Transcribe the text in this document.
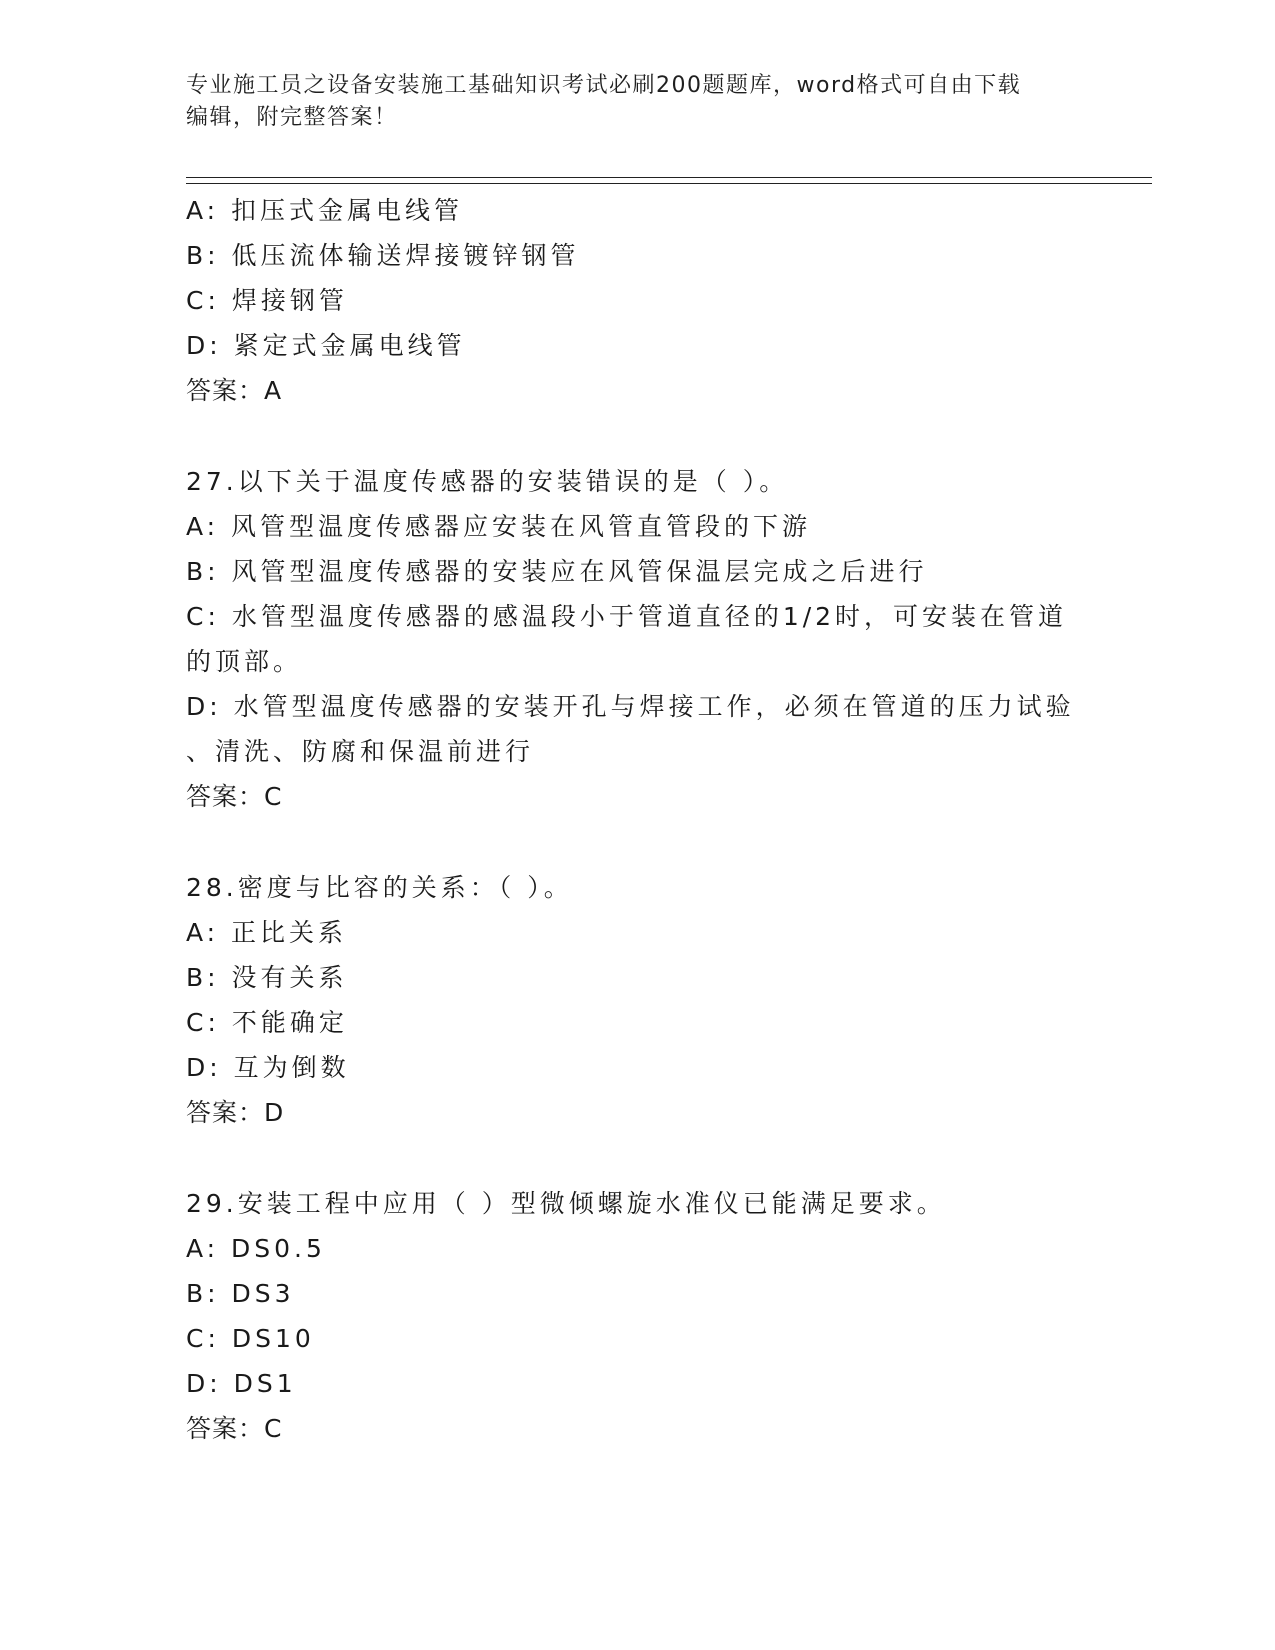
专业施工员之设备安装施工基础知识考试必刷200题题库，word格式可自由下载
编辑，附完整答案！
A: 扣压式金属电线管
B: 低压流体输送焊接镀锌钢管
C: 焊接钢管
D: 紧定式金属电线管
答案：A
27.以下关于温度传感器的安装错误的是（ ）。
A: 风管型温度传感器应安装在风管直管段的下游
B: 风管型温度传感器的安装应在风管保温层完成之后进行
C: 水管型温度传感器的感温段小于管道直径的1/2时，可安装在管道
的顶部。
D: 水管型温度传感器的安装开孔与焊接工作，必须在管道的压力试验
、清洗、防腐和保温前进行
答案：C
28.密度与比容的关系：（ ）。
A: 正比关系
B: 没有关系
C: 不能确定
D: 互为倒数
答案：D
29.安装工程中应用（ ）型微倾螺旋水准仪已能满足要求。
A: DS0.5
B: DS3
C: DS10
D: DS1
答案：C
